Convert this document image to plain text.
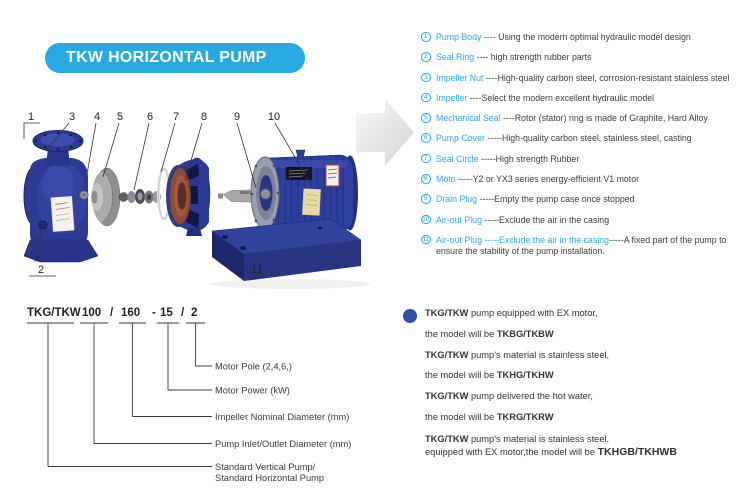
TKW HORIZONTAL PUMP
1	3 4 5 6 7 8 9	10
2	11
1 Pump Body ---- Using the modern optimal hydraulic model design
2 Seal Ring ---- high strength rubber parts
3 Impeller Nut ----High-quality carbon steel, corrosion-resistant stainless steel
4 Impeller ----Select the modern excellent hydraulic model
5 Mechanical Seal ----Rotor (stator) ring is made of Graphite, Hard Alloy
6 Pump Cover -----High-quality carbon steel, stainless steel, casting
7 Seal Circle -----High strength Rubber
8 Moto -----Y2 or YX3 series energy-efficient V1 motor
9 Drain Plug -----Empty the pump case once stopped
10 Air-out Plug -----Exclude the air in the casing
11 Air-out Plug -----Exclude the air in the casing-----A fixed part of the pump to ensure the stability of the pump installation.
TKG/TKW 100 / 160 - 15 / 2
Motor Pole (2,4,6,)
Motor Power (kW)
Impeller Nominal Diameter (mm)
Pump Inlet/Outlet Diameter (mm)
Standard Vertical Pump/
Standard Horizontal Pump

TKG/TKW pump equipped with EX motor,
the model will be TKBG/TKBW

TKG/TKW pump's material is stainless steel,
the model will be TKHG/TKHW

TKG/TKW pump delivered the hot water,
the model will be TKRG/TKRW

TKG/TKW pump's material is stainless steel,
equipped with EX motor,the model will be TKHGB/TKHWB
